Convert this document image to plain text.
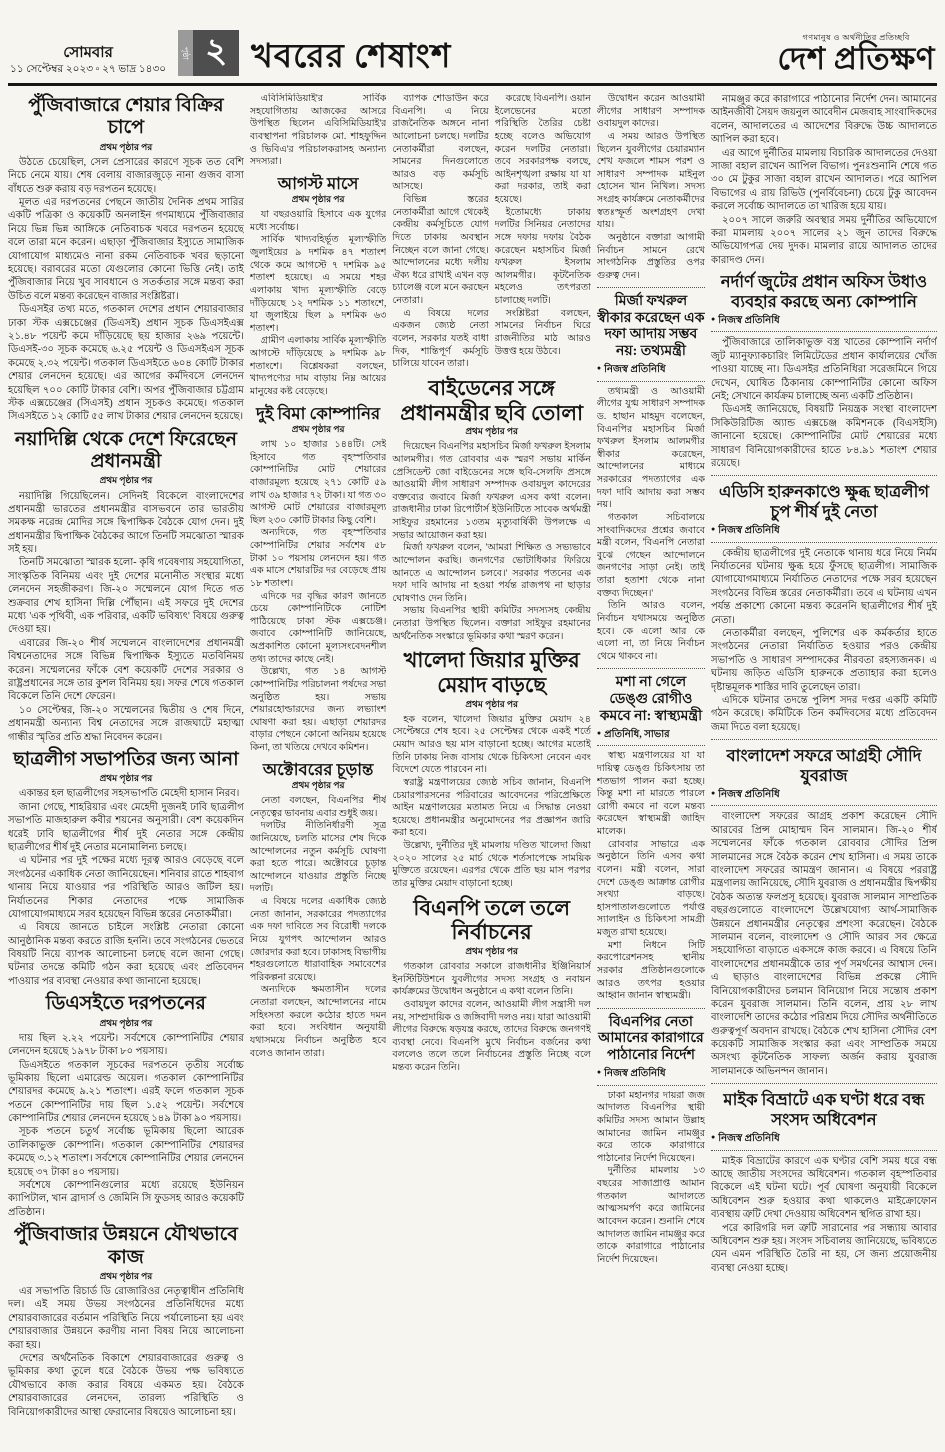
সোমবার
১১ সেপ্টেম্বর ২০২৩ ▫ ২৭ ভাদ্র ১৪৩০
পৃষ্ঠা ২ খবরের শেষাংশ
গণমানুষ ও অর্থনীতির প্রতিচ্ছবি
দেশ প্রতিক্ষণ
পুঁজিবাজারে শেয়ার বিক্রির চাপে
প্রথম পৃষ্ঠার পর

উঠতে চেয়েছিল, সেল প্রেসারের কারণে সূচক তত বেশি নিচে নেমে যায়। শেষ বেলায় বাজারজুড়ে নানা গুজব বাসা বাঁধতে শুরু করায় বড় দরপতন হয়েছে।

মূলত এর দরপতনের পেছনে জাতীয় দৈনিক প্রথম সারির একটি পত্রিকা ও কয়েকটি অনলাইন গণমাধ্যমে পুঁজিবাজার নিয়ে ভিন্ন ভিন্ন আঙ্গিকে নেতিবাচক খবরে দরপতন হয়েছে বলে তারা মনে করেন। এছাড়া পুঁজিবাজার ইস্যুতে সামাজিক যোগাযোগ মাধ্যমেও নানা রকম নেতিবাচক খবর ছড়ানো হয়েছে। বরাবরের মতো যেগুলোর কোনো ভিত্তি নেই। তাই পুঁজিবাজার নিয়ে খুব সাবধানে ও সতর্কতার সঙ্গে মন্তব্য করা উচিত বলে মন্তব্য করেছেন বাজার সংশ্লিষ্টরা।

ডিএসইর তথ্য মতে, গতকাল দেশের প্রধান শেয়ারবাজার ঢাকা স্টক এক্সচেঞ্জের (ডিএসই) প্রধান সূচক ডিএসইএক্স ২১.৪৮ পয়েন্ট কমে দাঁড়িয়েছে ছয় হাজার ২৬৯ পয়েন্টে। ডিএসই-৩০ সূচক কমেছে ৬.২৫ পয়েন্ট ও ডিএসইএস সূচক কমেছে ২.৩২ পয়েন্ট। গতকাল ডিএসইতে ৬০৪ কোটি টাকার শেয়ার লেনদেন হয়েছে। এর আগের কর্মদিবসে লেনদেন হয়েছিল ৭০০ কোটি টাকার বেশি। অপর পুঁজিবাজার চট্টগ্রাম স্টক এক্সচেঞ্জের (সিএসই) প্রধান সূচকও কমেছে। গতকাল সিএসইতে ১২ কোটি ৫৫ লাখ টাকার শেয়ার লেনদেন হয়েছে।

নয়াদিল্লি থেকে দেশে ফিরেছেন প্রধানমন্ত্রী
প্রথম পৃষ্ঠার পর

নয়াদিল্লি গিয়েছিলেন। সেদিনই বিকেলে বাংলাদেশের প্রধানমন্ত্রী ভারতের প্রধানমন্ত্রীর বাসভবনে তার ভারতীয় সমকক্ষ নরেন্দ্র মোদির সঙ্গে দ্বিপাক্ষিক বৈঠকে যোগ দেন। দুই প্রধানমন্ত্রীর দ্বিপাক্ষিক বৈঠকের আগে তিনটি সমঝোতা স্মারক সই হয়।

তিনটি সমঝোতা স্মারক হলো- কৃষি গবেষণায় সহযোগিতা, সাংস্কৃতিক বিনিময় এবং দুই দেশের মনোনীত সংস্থার মধ্যে লেনদেন সহজীকরণ। জি-২০ সম্মেলনে যোগ দিতে গত শুক্রবার শেখ হাসিনা দিল্লি পৌঁছান। এই সফরে দুই দেশের মধ্যে 'এক পৃথিবী, এক পরিবার, একটি ভবিষ্যৎ' বিষয়ে গুরুত্ব দেওয়া হয়।

এবারের জি-২০ শীর্ষ সম্মেলনে বাংলাদেশের প্রধানমন্ত্রী বিশ্বনেতাদের সঙ্গে বিভিন্ন দ্বিপাক্ষিক ইস্যুতে মতবিনিময় করেন। সম্মেলনের ফাঁকে বেশ কয়েকটি দেশের সরকার ও রাষ্ট্রপ্রধানের সঙ্গে তার কুশল বিনিময় হয়। সফর শেষে গতকাল বিকেলে তিনি দেশে ফেরেন।

১০ সেপ্টেম্বর, জি-২০ সম্মেলনের দ্বিতীয় ও শেষ দিনে, প্রধানমন্ত্রী অন্যান্য বিশ্ব নেতাদের সঙ্গে রাজঘাটে মহাত্মা গান্ধীর স্মৃতির প্রতি শ্রদ্ধা নিবেদন করেন।

ছাত্রলীগ সভাপতির জন্য আনা
প্রথম পৃষ্ঠার পর

একান্তর হল ছাত্রলীগের সহসভাপতি মেহেদী হাসান নিরব।

জানা গেছে, শাহরিয়ার এবং মেহেদী দুজনই ঢাবি ছাত্রলীগ সভাপতি মাজহারুল কবীর শয়নের অনুসারী। বেশ কয়েকদিন ধরেই ঢাবি ছাত্রলীগের শীর্ষ দুই নেতার সঙ্গে কেন্দ্রীয় ছাত্রলীগের শীর্ষ দুই নেতার মনোমালিন্য চলছে।

এ ঘটনার পর দুই পক্ষের মধ্যে দূরত্ব আরও বেড়েছে বলে সংগঠনের একাধিক নেতা জানিয়েছেন। শনিবার রাতে শাহবাগ থানায় নিয়ে যাওয়ার পর পরিস্থিতি আরও জটিল হয়। নির্যাতনের শিকার নেতাদের পক্ষে সামাজিক যোগাযোগমাধ্যমে সরব হয়েছেন বিভিন্ন স্তরের নেতাকর্মীরা।

এ বিষয়ে জানতে চাইলে সংশ্লিষ্ট নেতারা কোনো আনুষ্ঠানিক মন্তব্য করতে রাজি হননি। তবে সংগঠনের ভেতরে বিষয়টি নিয়ে ব্যাপক আলোচনা চলছে বলে জানা গেছে। ঘটনার তদন্তে কমিটি গঠন করা হয়েছে এবং প্রতিবেদন পাওয়ার পর ব্যবস্থা নেওয়ার কথা জানানো হয়েছে।

ডিএসইতে দরপতনের
প্রথম পৃষ্ঠার পর

দায় ছিল ২.২২ পয়েন্ট। সর্বশেষে কোম্পানিটির শেয়ার লেনদেন হয়েছে ১৯৭৮ টাকা ৮০ পয়সায়।

ডিএসইতে গতকাল সূচকের দরপতনে তৃতীয় সর্বোচ্চ ভূমিকায় ছিলো এমারেল্ড অয়েল। গতকাল কোম্পানিটির শেয়ারদর কমেছে ৯.২১ শতাংশ। এরই ফলে গতকাল সূচক পতনে কোম্পানিটির দায় ছিল ১.৫২ পয়েন্ট। সর্বশেষে কোম্পানিটির শেয়ার লেনদেন হয়েছে ১৪৯ টাকা ৯০ পয়সায়।

সূচক পতনে চতুর্থ সর্বোচ্চ ভূমিকায় ছিলো আরেক তালিকাভুক্ত কোম্পানি। গতকাল কোম্পানিটির শেয়ারদর কমেছে ৩.১২ শতাংশ। সর্বশেষে কোম্পানিটির শেয়ার লেনদেন হয়েছে ৩৭ টাকা ৪০ পয়সায়।

সর্বশেষে কোম্পানিগুলোর মধ্যে রয়েছে ইউনিয়ন ক্যাপিটাল, খান ব্রাদার্স ও জেমিনি সি ফুডসহ আরও কয়েকটি প্রতিষ্ঠান।

পুঁজিবাজার উন্নয়নে যৌথভাবে কাজ
প্রথম পৃষ্ঠার পর

এর সভাপতি রিচার্ড ডি রোজারিওর নেতৃত্বাধীন প্রতিনিধি দল। এই সময় উভয় সংগঠনের প্রতিনিধিদের মধ্যে শেয়ারবাজারের বর্তমান পরিস্থিতি নিয়ে পর্যালোচনা হয় এবং শেয়ারবাজার উন্নয়নে করণীয় নানা বিষয় নিয়ে আলোচনা করা হয়।

দেশের অর্থনৈতিক বিকাশে শেয়ারবাজারের গুরুত্ব ও ভূমিকার কথা তুলে ধরে বৈঠকে উভয় পক্ষ ভবিষ্যতে যৌথভাবে কাজ করার বিষয়ে একমত হয়। বৈঠকে শেয়ারবাজারের লেনদেন, তারল্য পরিস্থিতি ও বিনিয়োগকারীদের আস্থা ফেরানোর বিষয়েও আলোচনা হয়।

এবিসিমিডিয়াই'র সার্বিক সহযোগিতায় আজকের আসরে উপস্থিত ছিলেন এবিসিমিডিয়াই'র ব্যবস্থাপনা পরিচালক মো. শাহফুদ্দিন ও ভিবিএ'র পরিচালকরাসহ অন্যান্য সদস্যরা।

আগস্ট মাসে
প্রথম পৃষ্ঠার পর

যা বছরওয়ারি হিসাবে এক যুগের মধ্যে সর্বোচ্চ।

সার্বিক খাদ্যবহির্ভূত মূল্যস্ফীতি জুলাইয়ের ৯ দশমিক ৪৭ শতাংশ থেকে কমে আগস্টে ৭ দশমিক ৯৫ শতাংশ হয়েছে। এ সময়ে শহর এলাকায় খাদ্য মূল্যস্ফীতি বেড়ে দাঁড়িয়েছে ১২ দশমিক ১১ শতাংশে, যা জুলাইয়ে ছিল ৯ দশমিক ৬৩ শতাংশ।

গ্রামীণ এলাকায় সার্বিক মূল্যস্ফীতি আগস্টে দাঁড়িয়েছে ৯ দশমিক ৯৮ শতাংশে। বিশ্লেষকরা বলছেন, খাদ্যপণ্যের দাম বাড়ায় নিম্ন আয়ের মানুষের কষ্ট বেড়েছে।

দুই বিমা কোম্পানির
প্রথম পৃষ্ঠার পর

লাখ ১০ হাজার ১৪৪টি। সেই হিসাবে গত বৃহস্পতিবার কোম্পানিটির মোট শেয়ারের বাজারমূল্য হয়েছে ২৭১ কোটি ৫৯ লাখ ৩৯ হাজার ৭২ টাকা। যা গত ৩০ আগস্ট মোট শেয়ারের বাজারমূল্য ছিল ২৩০ কোটি টাকার কিছু বেশি।

অন্যদিকে, গত বৃহস্পতিবার কোম্পানিটির শেয়ার সর্বশেষ ৫৮ টাকা ১০ পয়সায় লেনদেন হয়। গত এক মাসে শেয়ারটির দর বেড়েছে প্রায় ১৮ শতাংশ।

এদিকে দর বৃদ্ধির কারণ জানতে চেয়ে কোম্পানিটিকে নোটিশ পাঠিয়েছে ঢাকা স্টক এক্সচেঞ্জ। জবাবে কোম্পানিটি জানিয়েছে, অপ্রকাশিত কোনো মূল্যসংবেদনশীল তথ্য তাদের কাছে নেই।

উল্লেখ্য, গত ১৪ আগস্ট কোম্পানিটির পরিচালনা পর্ষদের সভা অনুষ্ঠিত হয়। সভায় শেয়ারহোল্ডারদের জন্য লভ্যাংশ ঘোষণা করা হয়। এছাড়া শেয়ারদর বাড়ার পেছনে কোনো অনিয়ম হয়েছে কিনা, তা খতিয়ে দেখবে কমিশন।

অক্টোবরের চূড়ান্ত
প্রথম পৃষ্ঠার পর

নেতা বলছেন, বিএনপির শীর্ষ নেতৃত্বের ভাবনায় এবার শুধুই জয়।

দলটির নীতিনির্ধারণী সূত্র জানিয়েছে, চলতি মাসের শেষ দিকে আন্দোলনের নতুন কর্মসূচি ঘোষণা করা হতে পারে। অক্টোবরে চূড়ান্ত আন্দোলনে যাওয়ার প্রস্তুতি নিচ্ছে দলটি।

এ বিষয়ে দলের একাধিক জ্যেষ্ঠ নেতা জানান, সরকারের পদত্যাগের এক দফা দাবিতে সব বিরোধী দলকে নিয়ে যুগপৎ আন্দোলন আরও জোরদার করা হবে। ঢাকাসহ বিভাগীয় শহরগুলোতে ধারাবাহিক সমাবেশের পরিকল্পনা রয়েছে।

অন্যদিকে ক্ষমতাসীন দলের নেতারা বলছেন, আন্দোলনের নামে সহিংসতা করলে কঠোর হাতে দমন করা হবে। সংবিধান অনুযায়ী যথাসময়ে নির্বাচন অনুষ্ঠিত হবে বলেও জানান তারা।

ব্যাপক শোডাউন করে বিএনপি। এ নিয়ে রাজনৈতিক অঙ্গনে নানা আলোচনা চলছে। দলটির নেতাকর্মীরা বলছেন, সামনের দিনগুলোতে আরও বড় কর্মসূচি আসছে।

বিভিন্ন স্তরের নেতাকর্মীরা আগে থেকেই কেন্দ্রীয় কর্মসূচিতে যোগ দিতে ঢাকায় অবস্থান নিচ্ছেন বলে জানা গেছে। আন্দোলনের মধ্যে দলীয় ঐক্য ধরে রাখাই এখন বড় চ্যালেঞ্জ বলে মনে করছেন নেতারা।

এ বিষয়ে দলের একজন জ্যেষ্ঠ নেতা বলেন, সরকার যতই বাধা দিক, শান্তিপূর্ণ কর্মসূচি চালিয়ে যাবেন তারা।

করেছে বিএনপি। ওয়ান ইলেভেনের মতো পরিস্থিতি তৈরির চেষ্টা হচ্ছে বলেও অভিযোগ করেন দলটির নেতারা। তবে সরকারপক্ষ বলছে, আইনশৃঙ্খলা রক্ষায় যা যা করা দরকার, তাই করা হয়েছে।

ইতোমধ্যে ঢাকায় দলটির সিনিয়র নেতাদের সঙ্গে দফায় দফায় বৈঠক করেছেন মহাসচিব মির্জা ফখরুল ইসলাম আলমগীর। কূটনৈতিক মহলেও তৎপরতা চালাচ্ছে দলটি।

সংশ্লিষ্টরা বলছেন, সামনের নির্বাচন ঘিরে রাজনীতির মাঠ আরও উত্তপ্ত হয়ে উঠবে।

বাইডেনের সঙ্গে প্রধানমন্ত্রীর ছবি তোলা
প্রথম পৃষ্ঠার পর

দিয়েছেন বিএনপির মহাসচিব মির্জা ফখরুল ইসলাম আলমগীর। গত রোববার এক স্মরণ সভায় মার্কিন প্রেসিডেন্ট জো বাইডেনের সঙ্গে ছবি-সেলফি প্রসঙ্গে আওয়ামী লীগ সাধারণ সম্পাদক ওবায়দুল কাদেরের বক্তব্যের জবাবে মির্জা ফখরুল এসব কথা বলেন। রাজধানীর ঢাকা রিপোর্টার্স ইউনিটিতে সাবেক অর্থমন্ত্রী সাইফুর রহমানের ১৩তম মৃত্যুবার্ষিকী উপলক্ষে এ সভার আয়োজন করা হয়।

মির্জা ফখরুল বলেন, 'আমরা শিক্ষিত ও সভ্যভাবে আন্দোলন করছি। জনগণের ভোটাধিকার ফিরিয়ে আনতে এ আন্দোলন চলবে।' সরকার পতনের এক দফা দাবি আদায় না হওয়া পর্যন্ত রাজপথ না ছাড়ার ঘোষণাও দেন তিনি।

সভায় বিএনপির স্থায়ী কমিটির সদস্যসহ কেন্দ্রীয় নেতারা উপস্থিত ছিলেন। বক্তারা সাইফুর রহমানের অর্থনৈতিক সংস্কারে ভূমিকার কথা স্মরণ করেন।

খালেদা জিয়ার মুক্তির মেয়াদ বাড়ছে
প্রথম পৃষ্ঠার পর

হক বলেন, খালেদা জিয়ার মুক্তির মেয়াদ ২৪ সেপ্টেম্বরে শেষ হবে। ২৫ সেপ্টেম্বর থেকে একই শর্তে মেয়াদ আরও ছয় মাস বাড়ানো হচ্ছে। আগের মতোই তিনি ঢাকায় নিজ বাসায় থেকে চিকিৎসা নেবেন এবং বিদেশে যেতে পারবেন না।

স্বরাষ্ট্র মন্ত্রণালয়ের জ্যেষ্ঠ সচিব জানান, বিএনপি চেয়ারপারসনের পরিবারের আবেদনের পরিপ্রেক্ষিতে আইন মন্ত্রণালয়ের মতামত নিয়ে এ সিদ্ধান্ত নেওয়া হয়েছে। প্রধানমন্ত্রীর অনুমোদনের পর প্রজ্ঞাপন জারি করা হবে।

উল্লেখ্য, দুর্নীতির দুই মামলায় দণ্ডিত খালেদা জিয়া ২০২০ সালের ২৫ মার্চ থেকে শর্তসাপেক্ষে সাময়িক মুক্তিতে রয়েছেন। এরপর থেকে প্রতি ছয় মাস পরপর তার মুক্তির মেয়াদ বাড়ানো হচ্ছে।

বিএনপি তলে তলে নির্বাচনের
প্রথম পৃষ্ঠার পর

গতকাল রোববার সকালে রাজধানীর ইঞ্জিনিয়ার্স ইনস্টিটিউশনে যুবলীগের সদস্য সংগ্রহ ও নবায়ন কার্যক্রমের উদ্বোধন অনুষ্ঠানে এ কথা বলেন তিনি।

ওবায়দুল কাদের বলেন, আওয়ামী লীগ সন্ত্রাসী দল নয়, সাম্প্রদায়িক ও জঙ্গিবাদী দলও নয়। যারা আওয়ামী লীগের বিরুদ্ধে ষড়যন্ত্র করছে, তাদের বিরুদ্ধে জনগণই ব্যবস্থা নেবে। বিএনপি মুখে নির্বাচন বর্জনের কথা বললেও তলে তলে নির্বাচনের প্রস্তুতি নিচ্ছে বলে মন্তব্য করেন তিনি।

উদ্বোধন করেন আওয়ামী লীগের সাধারণ সম্পাদক ওবায়দুল কাদের।

এ সময় আরও উপস্থিত ছিলেন যুবলীগের চেয়ারম্যান শেখ ফজলে শামস পরশ ও সাধারণ সম্পাদক মাইনুল হোসেন খান নিখিল। সদস্য সংগ্রহ কার্যক্রমে নেতাকর্মীদের স্বতঃস্ফূর্ত অংশগ্রহণ দেখা যায়।

অনুষ্ঠানে বক্তারা আগামী নির্বাচন সামনে রেখে সাংগঠনিক প্রস্তুতির ওপর গুরুত্ব দেন।

মির্জা ফখরুল স্বীকার করেছেন এক দফা আদায় সম্ভব নয়: তথ্যমন্ত্রী
● নিজস্ব প্রতিনিধি

তথ্যমন্ত্রী ও আওয়ামী লীগের যুগ্ম সাধারণ সম্পাদক ড. হাছান মাহমুদ বলেছেন, বিএনপির মহাসচিব মির্জা ফখরুল ইসলাম আলমগীর স্বীকার করেছেন, আন্দোলনের মাধ্যমে সরকারের পদত্যাগের এক দফা দাবি আদায় করা সম্ভব নয়।

গতকাল সচিবালয়ে সাংবাদিকদের প্রশ্নের জবাবে মন্ত্রী বলেন, 'বিএনপি নেতারা বুঝে গেছেন আন্দোলনে জনগণের সাড়া নেই। তাই তারা হতাশা থেকে নানা বক্তব্য দিচ্ছেন।'

তিনি আরও বলেন, নির্বাচন যথাসময়ে অনুষ্ঠিত হবে। কে এলো আর কে এলো না, তা নিয়ে নির্বাচন থেমে থাকবে না।

মশা না গেলে ডেঙ্গু রোগীও কমবে না: স্বাস্থ্যমন্ত্রী
● প্রতিনিধি, সাভার

স্বাস্থ্য মন্ত্রণালয়ের যা যা দায়িত্ব ডেঙ্গু চিকিৎসায় তা শতভাগ পালন করা হচ্ছে। কিন্তু মশা না মারতে পারলে রোগী কমবে না বলে মন্তব্য করেছেন স্বাস্থ্যমন্ত্রী জাহিদ মালেক।

রোববার সাভারে এক অনুষ্ঠানে তিনি এসব কথা বলেন। মন্ত্রী বলেন, সারা দেশে ডেঙ্গু আক্রান্ত রোগীর সংখ্যা বাড়ছে। হাসপাতালগুলোতে পর্যাপ্ত স্যালাইন ও চিকিৎসা সামগ্রী মজুত রাখা হয়েছে।

মশা নিধনে সিটি করপোরেশনসহ স্থানীয় সরকার প্রতিষ্ঠানগুলোকে আরও তৎপর হওয়ার আহ্বান জানান স্বাস্থ্যমন্ত্রী।

বিএনপির নেতা আমানের কারাগারে পাঠানোর নির্দেশ
● নিজস্ব প্রতিনিধি

ঢাকা মহানগর দায়রা জজ আদালত বিএনপির স্থায়ী কমিটির সদস্য আমান উল্লাহ আমানের জামিন নামঞ্জুর করে তাকে কারাগারে পাঠানোর নির্দেশ দিয়েছেন।

দুর্নীতির মামলায় ১৩ বছরের সাজাপ্রাপ্ত আমান গতকাল আদালতে আত্মসমর্পণ করে জামিনের আবেদন করেন। শুনানি শেষে আদালত জামিন নামঞ্জুর করে তাকে কারাগারে পাঠানোর নির্দেশ দিয়েছেন।

নামঞ্জুর করে কারাগারে পাঠানোর নির্দেশ দেন। আমানের আইনজীবী সৈয়দ জয়নুল আবেদীন মেজবাহ সাংবাদিকদের বলেন, আদালতের এ আদেশের বিরুদ্ধে উচ্চ আদালতে আপিল করা হবে।

এর আগে দুর্নীতির মামলায় বিচারিক আদালতের দেওয়া সাজা বহাল রাখেন আপিল বিভাগ। পুনঃশুনানি শেষে গত ৩০ মে টুকুর সাজা বহাল রাখেন আদালত। পরে আপিল বিভাগের এ রায় রিভিউ (পুনর্বিবেচনা) চেয়ে টুকু আবেদন করলে সর্বোচ্চ আদালতে তা খারিজ হয়ে যায়।

২০০৭ সালে জরুরি অবস্থার সময় দুর্নীতির অভিযোগে করা মামলায় ২০০৭ সালের ২১ জুন তাদের বিরুদ্ধে অভিযোগপত্র দেয় দুদক। মামলার রায়ে আদালত তাদের কারাদণ্ড দেন।

নর্দার্ণ জুটের প্রধান অফিস উধাও ব্যবহার করছে অন্য কোম্পানি
● নিজস্ব প্রতিনিধি

পুঁজিবাজারে তালিকাভুক্ত বস্ত্র খাতের কোম্পানি নর্দার্ণ জুট ম্যানুফ্যাকচারিং লিমিটেডের প্রধান কার্যালয়ের খোঁজ পাওয়া যাচ্ছে না। ডিএসইর প্রতিনিধিরা সরেজমিনে গিয়ে দেখেন, ঘোষিত ঠিকানায় কোম্পানিটির কোনো অফিস নেই; সেখানে কার্যক্রম চালাচ্ছে অন্য একটি প্রতিষ্ঠান।

ডিএসই জানিয়েছে, বিষয়টি নিয়ন্ত্রক সংস্থা বাংলাদেশ সিকিউরিটিজ অ্যান্ড এক্সচেঞ্জ কমিশনকে (বিএসইসি) জানানো হয়েছে। কোম্পানিটির মোট শেয়ারের মধ্যে সাধারণ বিনিয়োগকারীদের হাতে ৮৪.৯১ শতাংশ শেয়ার রয়েছে।

এডিসি হারুনকাণ্ডে ক্ষুব্ধ ছাত্রলীগ চুপ শীর্ষ দুই নেতা
● নিজস্ব প্রতিনিধি

কেন্দ্রীয় ছাত্রলীগের দুই নেতাকে থানায় ধরে নিয়ে নির্মম নির্যাতনের ঘটনায় ক্ষুব্ধ হয়ে ফুঁসছে ছাত্রলীগ। সামাজিক যোগাযোগমাধ্যমে নির্যাতিত নেতাদের পক্ষে সরব হয়েছেন সংগঠনের বিভিন্ন স্তরের নেতাকর্মীরা। তবে এ ঘটনায় এখন পর্যন্ত প্রকাশ্যে কোনো মন্তব্য করেননি ছাত্রলীগের শীর্ষ দুই নেতা।

নেতাকর্মীরা বলছেন, পুলিশের এক কর্মকর্তার হাতে সংগঠনের নেতারা নির্যাতিত হওয়ার পরও কেন্দ্রীয় সভাপতি ও সাধারণ সম্পাদকের নীরবতা রহস্যজনক। এ ঘটনায় জড়িত এডিসি হারুনকে প্রত্যাহার করা হলেও দৃষ্টান্তমূলক শাস্তির দাবি তুলেছেন তারা।

এদিকে ঘটনার তদন্তে পুলিশ সদর দপ্তর একটি কমিটি গঠন করেছে। কমিটিকে তিন কর্মদিবসের মধ্যে প্রতিবেদন জমা দিতে বলা হয়েছে।

বাংলাদেশ সফরে আগ্রহী সৌদি যুবরাজ
● নিজস্ব প্রতিনিধি

বাংলাদেশ সফরের আগ্রহ প্রকাশ করেছেন সৌদি আরবের প্রিন্স মোহাম্মদ বিন সালমান। জি-২০ শীর্ষ সম্মেলনের ফাঁকে গতকাল রোববার সৌদির প্রিন্স সালমানের সঙ্গে বৈঠক করেন শেখ হাসিনা। এ সময় তাকে বাংলাদেশ সফরের আমন্ত্রণ জানান। এ বিষয়ে পররাষ্ট্র মন্ত্রণালয় জানিয়েছে, সৌদি যুবরাজ ও প্রধানমন্ত্রীর দ্বিপক্ষীয় বৈঠক অত্যন্ত ফলপ্রসূ হয়েছে। যুবরাজ সালমান সাম্প্রতিক বছরগুলোতে বাংলাদেশে উল্লেখযোগ্য আর্থ-সামাজিক উন্নয়নে প্রধানমন্ত্রীর নেতৃত্বের প্রশংসা করেছেন। বৈঠকে সালমান বলেন, বাংলাদেশ ও সৌদি আরব সব ক্ষেত্রে সহযোগিতা বাড়াতে একসঙ্গে কাজ করবে। এ বিষয়ে তিনি বাংলাদেশের প্রধানমন্ত্রীকে তার পূর্ণ সমর্থনের আশ্বাস দেন। এ ছাড়াও বাংলাদেশের বিভিন্ন প্রকল্পে সৌদি বিনিয়োগকারীদের চলমান বিনিয়োগ নিয়ে সন্তোষ প্রকাশ করেন যুবরাজ সালমান। তিনি বলেন, প্রায় ২৮ লাখ বাংলাদেশি তাদের কঠোর পরিশ্রম দিয়ে সৌদির অর্থনীতিতে গুরুত্বপূর্ণ অবদান রাখছে। বৈঠকে শেখ হাসিনা সৌদির বেশ কয়েকটি সামাজিক সংস্কার করা এবং সাম্প্রতিক সময়ে অসংখ্য কূটনৈতিক সাফল্য অর্জন করায় যুবরাজ সালমানকে অভিনন্দন জানান।

মাইক বিভ্রাটে এক ঘণ্টা ধরে বন্ধ সংসদ অধিবেশন
● নিজস্ব প্রতিনিধি

মাইক বিভ্রাটের কারণে এক ঘণ্টার বেশি সময় ধরে বন্ধ আছে জাতীয় সংসদের অধিবেশন। গতকাল বৃহস্পতিবার বিকেলে এই ঘটনা ঘটে। পূর্ব ঘোষণা অনুযায়ী বিকেলে অধিবেশন শুরু হওয়ার কথা থাকলেও মাইক্রোফোন ব্যবস্থায় ত্রুটি দেখা দেওয়ায় অধিবেশন স্থগিত রাখা হয়।

পরে কারিগরি দল ত্রুটি সারানোর পর সন্ধ্যায় আবার অধিবেশন শুরু হয়। সংসদ সচিবালয় জানিয়েছে, ভবিষ্যতে যেন এমন পরিস্থিতি তৈরি না হয়, সে জন্য প্রয়োজনীয় ব্যবস্থা নেওয়া হচ্ছে।
